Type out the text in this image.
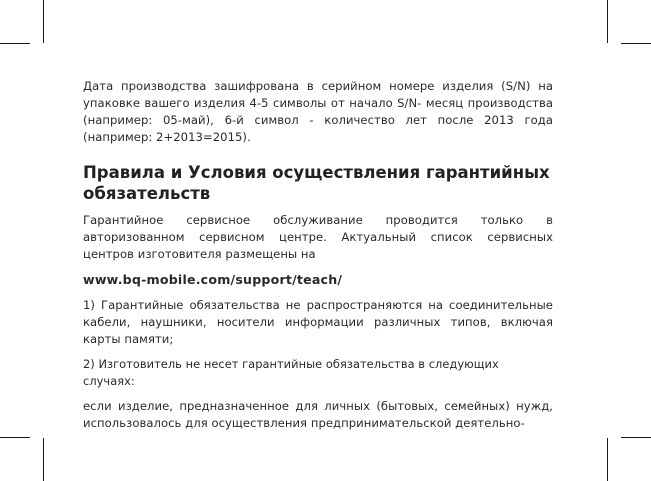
Дата производства зашифрована в серийном номере изделия (S/N) на упаковке вашего изделия 4-5 символы от начало S/N- месяц производства (например: 05-май), 6-й символ - количество лет после 2013 года (например: 2+2013=2015).

Правила и Условия осуществления гарантийных обязательств

Гарантийное сервисное обслуживание проводится только в авторизованном сервисном центре. Актуальный список сервисных центров изготовителя размещены на

www.bq-mobile.com/support/teach/

1) Гарантийные обязательства не распространяются на соединительные кабели, наушники, носители информации различных типов, включая карты памяти;

2) Изготовитель не несет гарантийные обязательства в следующих случаях:

если изделие, предназначенное для личных (бытовых, семейных) нужд, использовалось для осуществления предпринимательской деятельно-
